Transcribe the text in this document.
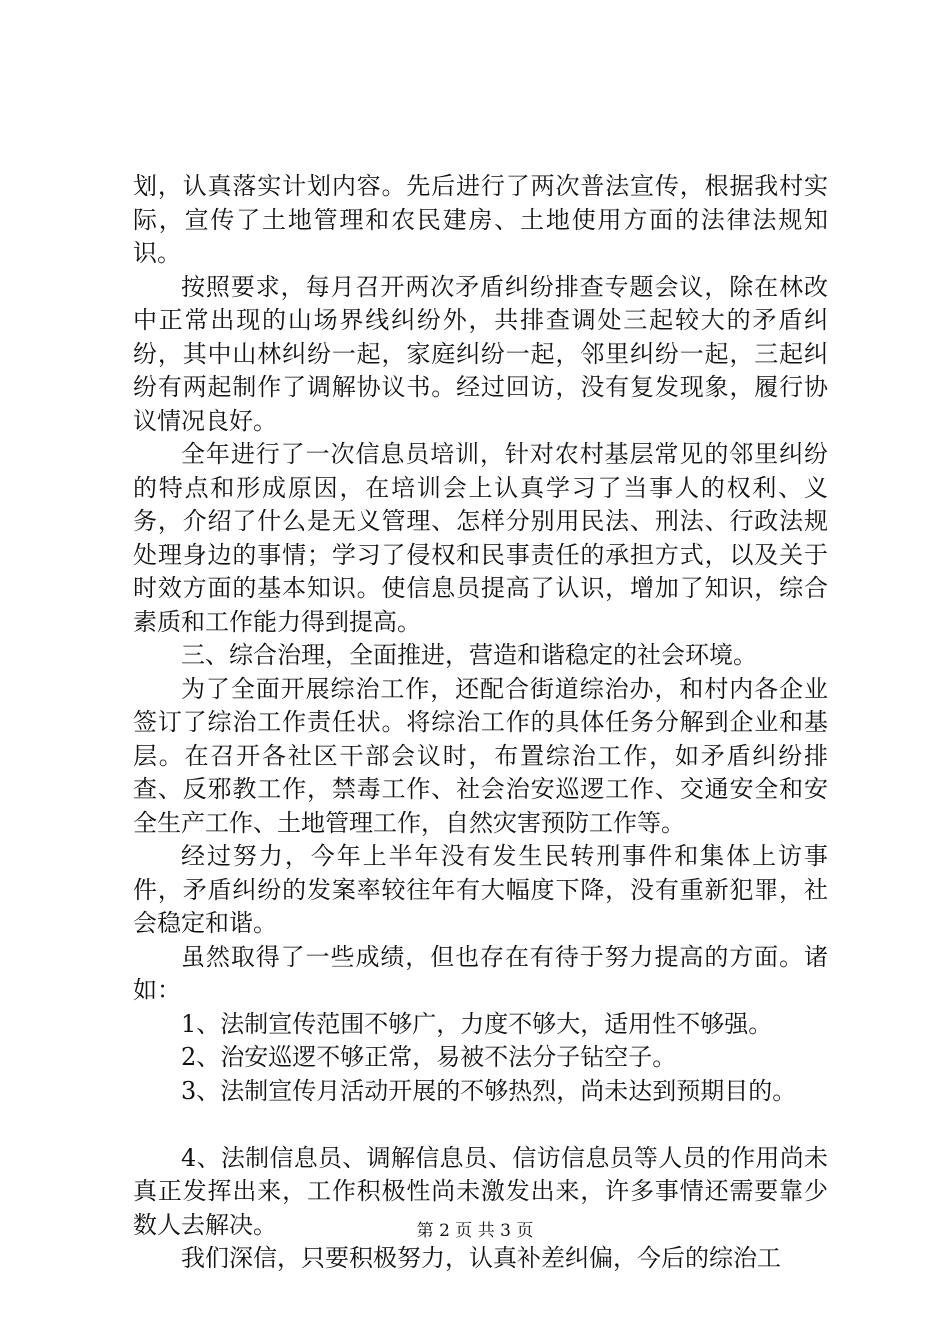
划，认真落实计划内容。先后进行了两次普法宣传，根据我村实际，宣传了土地管理和农民建房、土地使用方面的法律法规知识。

按照要求，每月召开两次矛盾纠纷排查专题会议，除在林改中正常出现的山场界线纠纷外，共排查调处三起较大的矛盾纠纷，其中山林纠纷一起，家庭纠纷一起，邻里纠纷一起，三起纠纷有两起制作了调解协议书。经过回访，没有复发现象，履行协议情况良好。

全年进行了一次信息员培训，针对农村基层常见的邻里纠纷的特点和形成原因，在培训会上认真学习了当事人的权利、义务，介绍了什么是无义管理、怎样分别用民法、刑法、行政法规处理身边的事情；学习了侵权和民事责任的承担方式，以及关于时效方面的基本知识。使信息员提高了认识，增加了知识，综合素质和工作能力得到提高。

三、综合治理，全面推进，营造和谐稳定的社会环境。

为了全面开展综治工作，还配合街道综治办，和村内各企业签订了综治工作责任状。将综治工作的具体任务分解到企业和基层。在召开各社区干部会议时，布置综治工作，如矛盾纠纷排查、反邪教工作，禁毒工作、社会治安巡逻工作、交通安全和安全生产工作、土地管理工作，自然灾害预防工作等。

经过努力，今年上半年没有发生民转刑事件和集体上访事件，矛盾纠纷的发案率较往年有大幅度下降，没有重新犯罪，社会稳定和谐。

虽然取得了一些成绩，但也存在有待于努力提高的方面。诸如：

1、法制宣传范围不够广，力度不够大，适用性不够强。

2、治安巡逻不够正常，易被不法分子钻空子。

3、法制宣传月活动开展的不够热烈，尚未达到预期目的。

4、法制信息员、调解信息员、信访信息员等人员的作用尚未真正发挥出来，工作积极性尚未激发出来，许多事情还需要靠少数人去解决。

我们深信，只要积极努力，认真补差纠偏，今后的综治工

第 2 页 共 3 页
